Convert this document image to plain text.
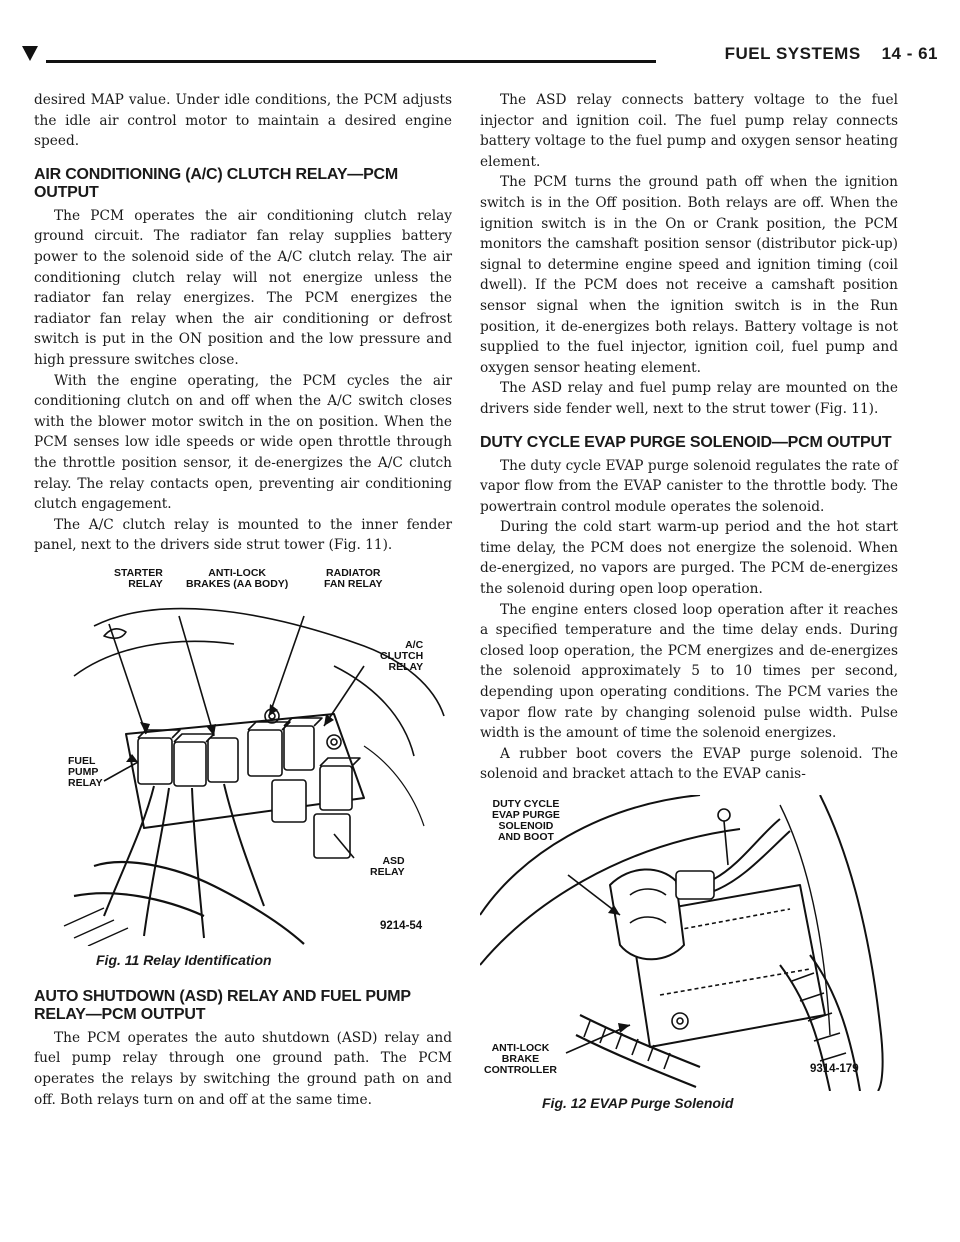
FUEL SYSTEMS    14 - 61

desired MAP value. Under idle conditions, the PCM adjusts the idle air control motor to maintain a desired engine speed.

AIR CONDITIONING (A/C) CLUTCH RELAY—PCM OUTPUT

The PCM operates the air conditioning clutch relay ground circuit. The radiator fan relay supplies battery power to the solenoid side of the A/C clutch relay. The air conditioning clutch relay will not energize unless the radiator fan relay energizes. The PCM energizes the radiator fan relay when the air conditioning or defrost switch is put in the ON position and the low pressure and high pressure switches close.

With the engine operating, the PCM cycles the air conditioning clutch on and off when the A/C switch closes with the blower motor switch in the on position. When the PCM senses low idle speeds or wide open throttle through the throttle position sensor, it de-energizes the A/C clutch relay. The relay contacts open, preventing air conditioning clutch engagement.

The A/C clutch relay is mounted to the inner fender panel, next to the drivers side strut tower (Fig. 11).

STARTER
RELAY
ANTI-LOCK
BRAKES (AA BODY)
RADIATOR
FAN RELAY
A/C
CLUTCH
RELAY
FUEL
PUMP
RELAY
ASD
RELAY
9214-54
Fig. 11 Relay Identification
AUTO SHUTDOWN (ASD) RELAY AND FUEL PUMP RELAY—PCM OUTPUT

The PCM operates the auto shutdown (ASD) relay and fuel pump relay through one ground path. The PCM operates the relays by switching the ground path on and off. Both relays turn on and off at the same time.

The ASD relay connects battery voltage to the fuel injector and ignition coil. The fuel pump relay connects battery voltage to the fuel pump and oxygen sensor heating element.

The PCM turns the ground path off when the ignition switch is in the Off position. Both relays are off. When the ignition switch is in the On or Crank position, the PCM monitors the camshaft position sensor (distributor pick-up) signal to determine engine speed and ignition timing (coil dwell). If the PCM does not receive a camshaft position sensor signal when the ignition switch is in the Run position, it de-energizes both relays. Battery voltage is not supplied to the fuel injector, ignition coil, fuel pump and oxygen sensor heating element.

The ASD relay and fuel pump relay are mounted on the drivers side fender well, next to the strut tower (Fig. 11).

DUTY CYCLE EVAP PURGE SOLENOID—PCM OUTPUT

The duty cycle EVAP purge solenoid regulates the rate of vapor flow from the EVAP canister to the throttle body. The powertrain control module operates the solenoid.

During the cold start warm-up period and the hot start time delay, the PCM does not energize the solenoid. When de-energized, no vapors are purged. The PCM de-energizes the solenoid during open loop operation.

The engine enters closed loop operation after it reaches a specified temperature and the time delay ends. During closed loop operation, the PCM energizes and de-energizes the solenoid approximately 5 to 10 times per second, depending upon operating conditions. The PCM varies the vapor flow rate by changing solenoid pulse width. Pulse width is the amount of time the solenoid energizes.

A rubber boot covers the EVAP purge solenoid. The solenoid and bracket attach to the EVAP canis-

DUTY CYCLE
EVAP PURGE
SOLENOID
AND BOOT
ANTI-LOCK
BRAKE
CONTROLLER	9314-179
Fig. 12 EVAP Purge Solenoid
